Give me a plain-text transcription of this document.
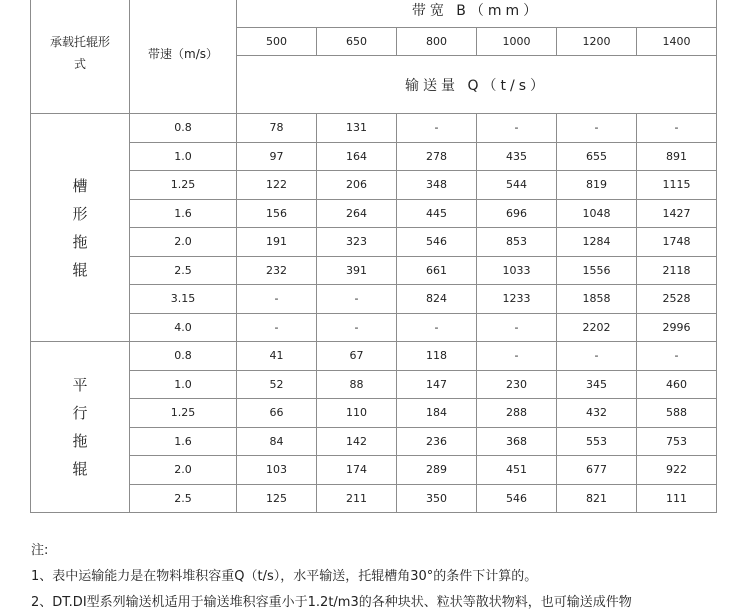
承载托辊形式	带速（m/s）	带宽 B（mm）					
		500	650	800	1000	1200	1400
		输送量 Q（t/s）					
槽形拖辊	0.8	78	131	-	-	-	-
	1.0	97	164	278	435	655	891
	1.25	122	206	348	544	819	1115
	1.6	156	264	445	696	1048	1427
	2.0	191	323	546	853	1284	1748
	2.5	232	391	661	1033	1556	2118
	3.15	-	-	824	1233	1858	2528
	4.0	-	-	-	-	2202	2996
平行拖辊	0.8	41	67	118	-	-	-
	1.0	52	88	147	230	345	460
	1.25	66	110	184	288	432	588
	1.6	84	142	236	368	553	753
	2.0	103	174	289	451	677	922
	2.5	125	211	350	546	821	111
注:
1、表中运输能力是在物料堆积容重Q（t/s），水平输送，托辊槽角30°的条件下计算的。
2、DT.DI型系列输送机适用于输送堆积容重小于1.2t/m3的各种块状、粒状等散状物料，也可输送成件物
